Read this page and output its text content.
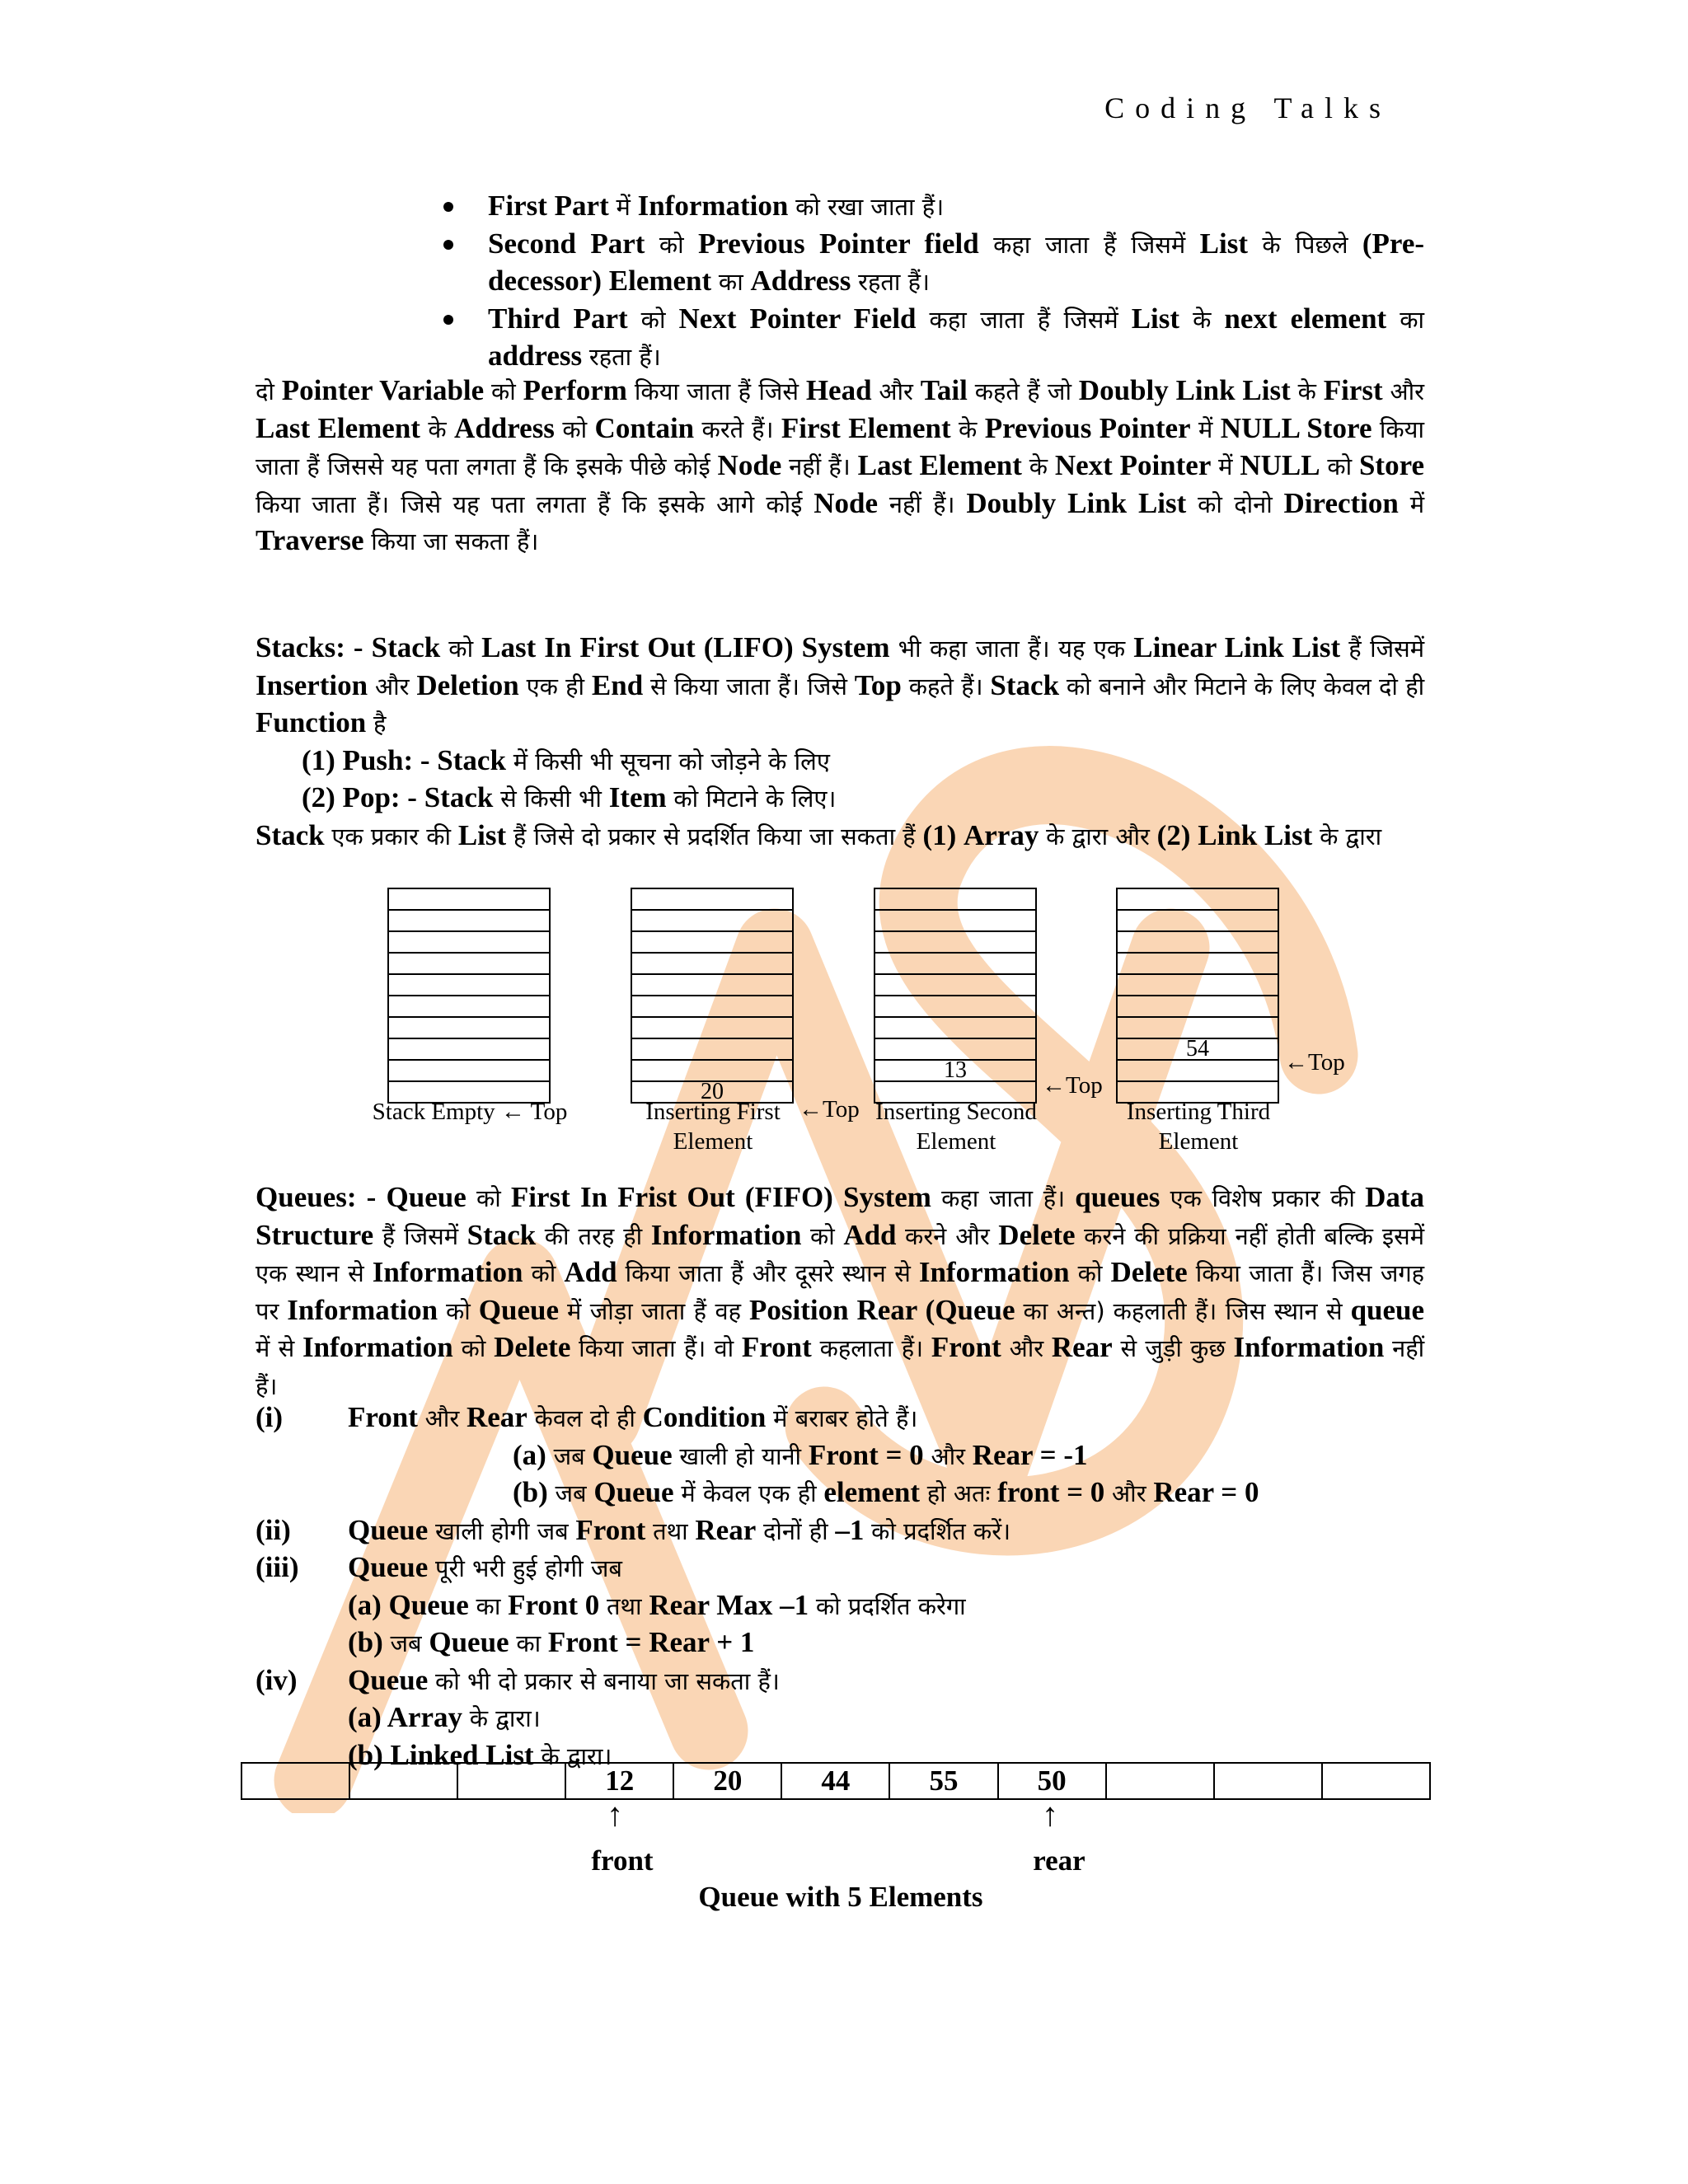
Coding Talks
First Part में Information को रखा जाता हैं।
Second Part को Previous Pointer field कहा जाता हैं जिसमें List के पिछले (Pre-decessor) Element का Address रहता हैं।
Third Part को Next Pointer Field कहा जाता हैं जिसमें List के next element का address रहता हैं।
दो Pointer Variable को Perform किया जाता हैं जिसे Head और Tail कहते हैं जो Doubly Link List के First और Last Element के Address को Contain करते हैं। First Element के Previous Pointer में NULL Store किया जाता हैं जिससे यह पता लगता हैं कि इसके पीछे कोई Node नहीं हैं। Last Element के Next Pointer में NULL को Store किया जाता हैं। जिसे यह पता लगता हैं कि इसके आगे कोई Node नहीं हैं। Doubly Link List को दोनो Direction में Traverse किया जा सकता हैं।

Stacks: - Stack को Last In First Out (LIFO) System भी कहा जाता हैं। यह एक Linear Link List हैं जिसमें Insertion और Deletion एक ही End से किया जाता हैं। जिसे Top कहते हैं। Stack को बनाने और मिटाने के लिए केवल दो ही Function है

(1) Push: - Stack में किसी भी सूचना को जोड़ने के लिए

(2) Pop: - Stack से किसी भी Item को मिटाने के लिए।

Stack एक प्रकार की List हैं जिसे दो प्रकार से प्रदर्शित किया जा सकता हैं (1) Array के द्वारा और (2) Link List के द्वारा

Stack Empty ← Top

20
←Top
Inserting First
Element

13

←Top
Inserting Second
Element

54	←Top
Inserting Third
Element
Queues: - Queue को First In Frist Out (FIFO) System कहा जाता हैं। queues एक विशेष प्रकार की Data Structure हैं जिसमें Stack की तरह ही Information को Add करने और Delete करने की प्रक्रिया नहीं होती बल्कि इसमें एक स्थान से Information को Add किया जाता हैं और दूसरे स्थान से Information को Delete किया जाता हैं। जिस जगह पर Information को Queue में जोड़ा जाता हैं वह Position Rear (Queue का अन्त) कहलाती हैं। जिस स्थान से queue में से Information को Delete किया जाता हैं। वो Front कहलाता हैं। Front और Rear से जुड़ी कुछ Information नहीं हैं।
(i) Front और Rear केवल दो ही Condition में बराबर होते हैं।
(a) जब Queue खाली हो यानी Front = 0 और Rear = -1
(b) जब Queue में केवल एक ही element हो अतः front = 0 और Rear = 0
(ii) Queue खाली होगी जब Front तथा Rear दोनों ही –1 को प्रदर्शित करें।
(iii) Queue पूरी भरी हुई होगी जब
(a) Queue का Front 0 तथा Rear Max –1 को प्रदर्शित करेगा
(b) जब Queue का Front = Rear + 1
(iv) Queue को भी दो प्रकार से बनाया जा सकता हैं।
(a) Array के द्वारा।
(b) Linked List के द्वारा।
			12	20	44	55	50			
↑	↑
front	rear
Queue with 5 Elements
